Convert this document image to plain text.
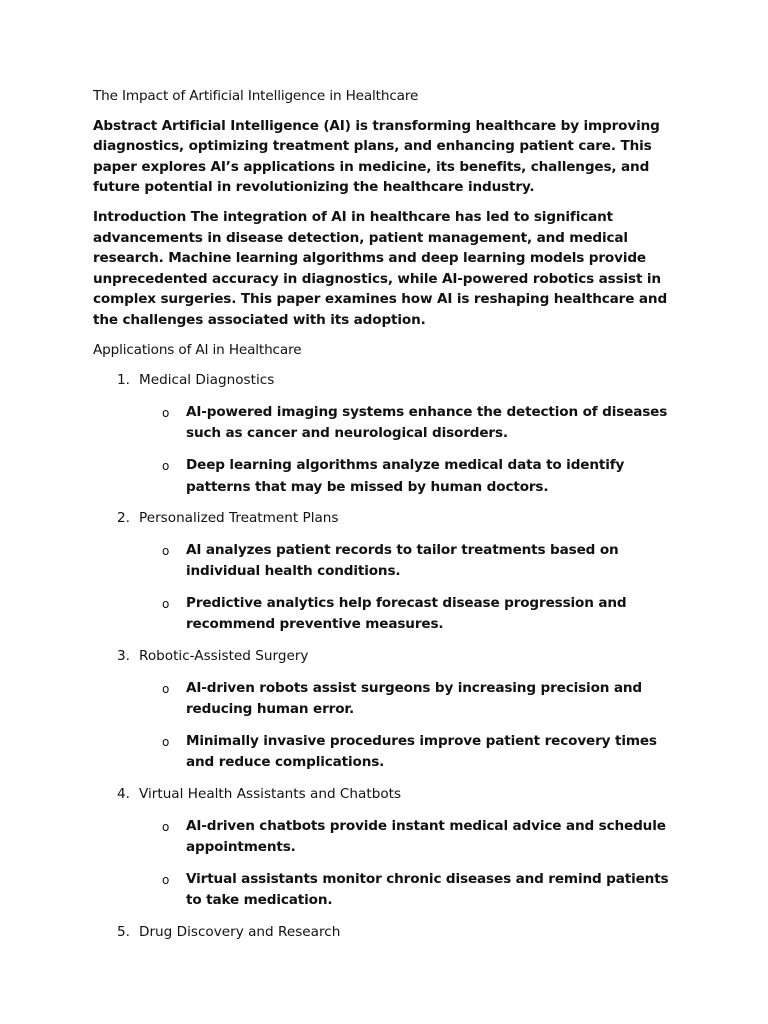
The Impact of Artificial Intelligence in Healthcare

Abstract Artificial Intelligence (AI) is transforming healthcare by improving diagnostics, optimizing treatment plans, and enhancing patient care. This paper explores AI’s applications in medicine, its benefits, challenges, and future potential in revolutionizing the healthcare industry.

Introduction The integration of AI in healthcare has led to significant advancements in disease detection, patient management, and medical research. Machine learning algorithms and deep learning models provide unprecedented accuracy in diagnostics, while AI-powered robotics assist in complex surgeries. This paper examines how AI is reshaping healthcare and the challenges associated with its adoption.

Applications of AI in Healthcare

1. Medical Diagnostics

o AI-powered imaging systems enhance the detection of diseases such as cancer and neurological disorders.
o Deep learning algorithms analyze medical data to identify patterns that may be missed by human doctors.
2. Personalized Treatment Plans

o AI analyzes patient records to tailor treatments based on individual health conditions.
o Predictive analytics help forecast disease progression and recommend preventive measures.
3. Robotic-Assisted Surgery

o AI-driven robots assist surgeons by increasing precision and reducing human error.
o Minimally invasive procedures improve patient recovery times and reduce complications.
4. Virtual Health Assistants and Chatbots

o AI-driven chatbots provide instant medical advice and schedule appointments.
o Virtual assistants monitor chronic diseases and remind patients to take medication.
5. Drug Discovery and Research
